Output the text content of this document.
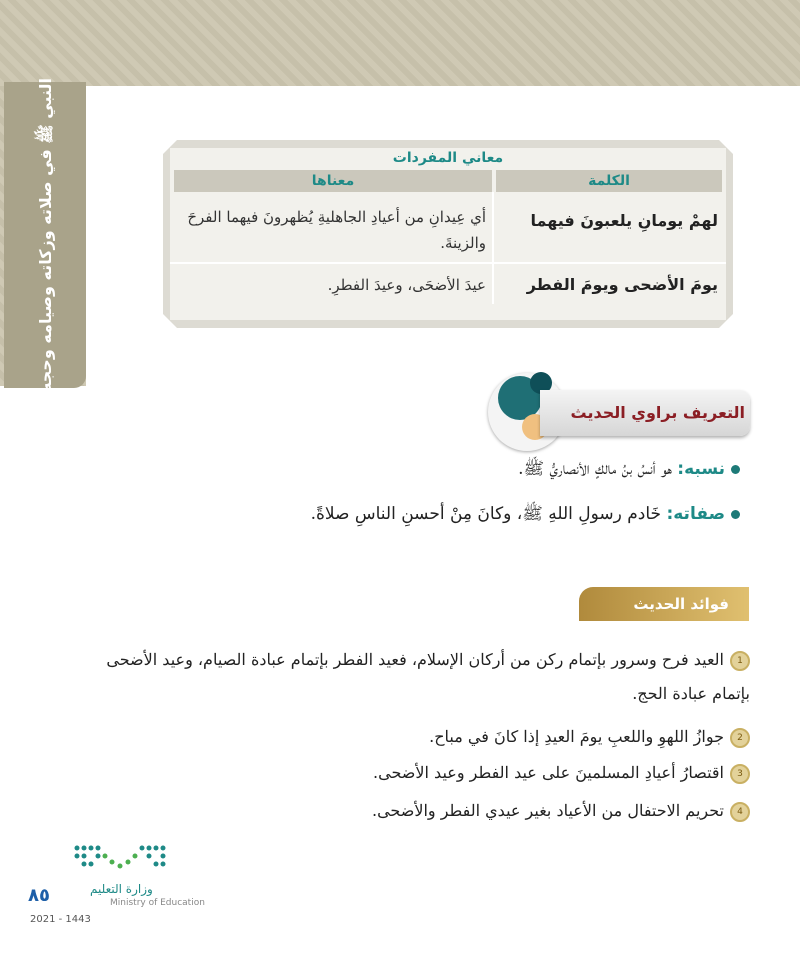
النبي ﷺ في صلاته وزكاته وصيامه وحجه	معاني المفردات
الكلمة
معناها
لهمْ يومانِ يلعبونَ فيهما
أي عِيدانِ من أعيادِ الجاهليةِ يُظهرونَ فيهما الفرحَ والزينةَ.
يومَ الأضحى ويومَ الفطر
عيدَ الأضحَى، وعيدَ الفطرِ.
التعريف براوي الحديث
نسبه: هو أنسُ بنُ مالكٍ الأنصاريُّ ﷺ.
صفاته: خَادم رسولِ اللهِ ﷺ، وكانَ مِنْ أحسنِ الناسِ صلاةً.
فوائد الحديث
1العيد فرح وسرور بإتمام ركن من أركان الإسلام، فعيد الفطر بإتمام عبادة الصيام، وعيد الأضحى بإتمام عبادة الحج.
2جوازُ اللهوِ واللعبِ يومَ العيدِ إذا كانَ في مباح.
3اقتصارُ أعيادِ المسلمينَ على عيد الفطر وعيد الأضحى.
4تحريم الاحتفال من الأعياد بغير عيدي الفطر والأضحى.
وزارة التعليم
Ministry of Education
٨٥
2021 - 1443
